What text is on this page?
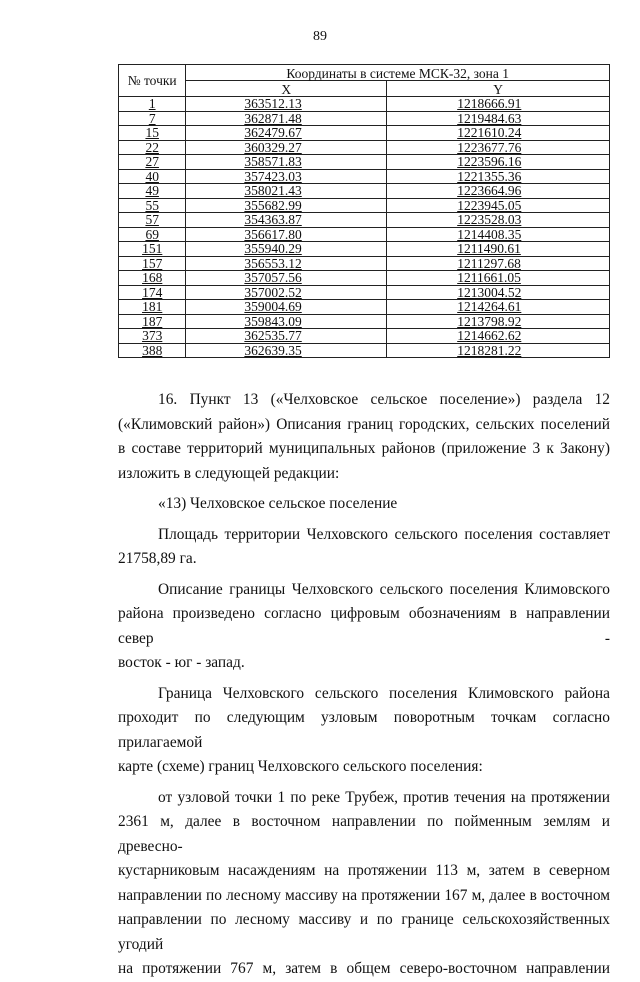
89
№ точки	Координаты в системе МСК-32, зона 1	
	X	Y
1	363512.13	1218666.91
7	362871.48	1219484.63
15	362479.67	1221610.24
22	360329.27	1223677.76
27	358571.83	1223596.16
40	357423.03	1221355.36
49	358021.43	1223664.96
55	355682.99	1223945.05
57	354363.87	1223528.03
69	356617.80	1214408.35
151	355940.29	1211490.61
157	356553.12	1211297.68
168	357057.56	1211661.05
174	357002.52	1213004.52
181	359004.69	1214264.61
187	359843.09	1213798.92
373	362535.77	1214662.62
388	362639.35	1218281.22
16. Пункт 13 («Челховское сельское поселение») раздела 12
(«Климовский район») Описания границ городских, сельских поселений
в составе территорий муниципальных районов (приложение 3 к Закону)
изложить в следующей редакции:
«13) Челховское сельское поселение
Площадь территории Челховского сельского поселения составляет
21758,89 га.
Описание границы Челховского сельского поселения Климовского
района произведено согласно цифровым обозначениям в направлении север -
восток - юг - запад.
Граница Челховского сельского поселения Климовского района
проходит по следующим узловым поворотным точкам согласно прилагаемой
карте (схеме) границ Челховского сельского поселения:
от узловой точки 1 по реке Трубеж, против течения на протяжении
2361 м, далее в восточном направлении по пойменным землям и древесно-
кустарниковым насаждениям на протяжении 113 м, затем в северном
направлении по лесному массиву на протяжении 167 м, далее в восточном
направлении по лесному массиву и по границе сельскохозяйственных угодий
на протяжении 767 м, затем в общем северо-восточном направлении
